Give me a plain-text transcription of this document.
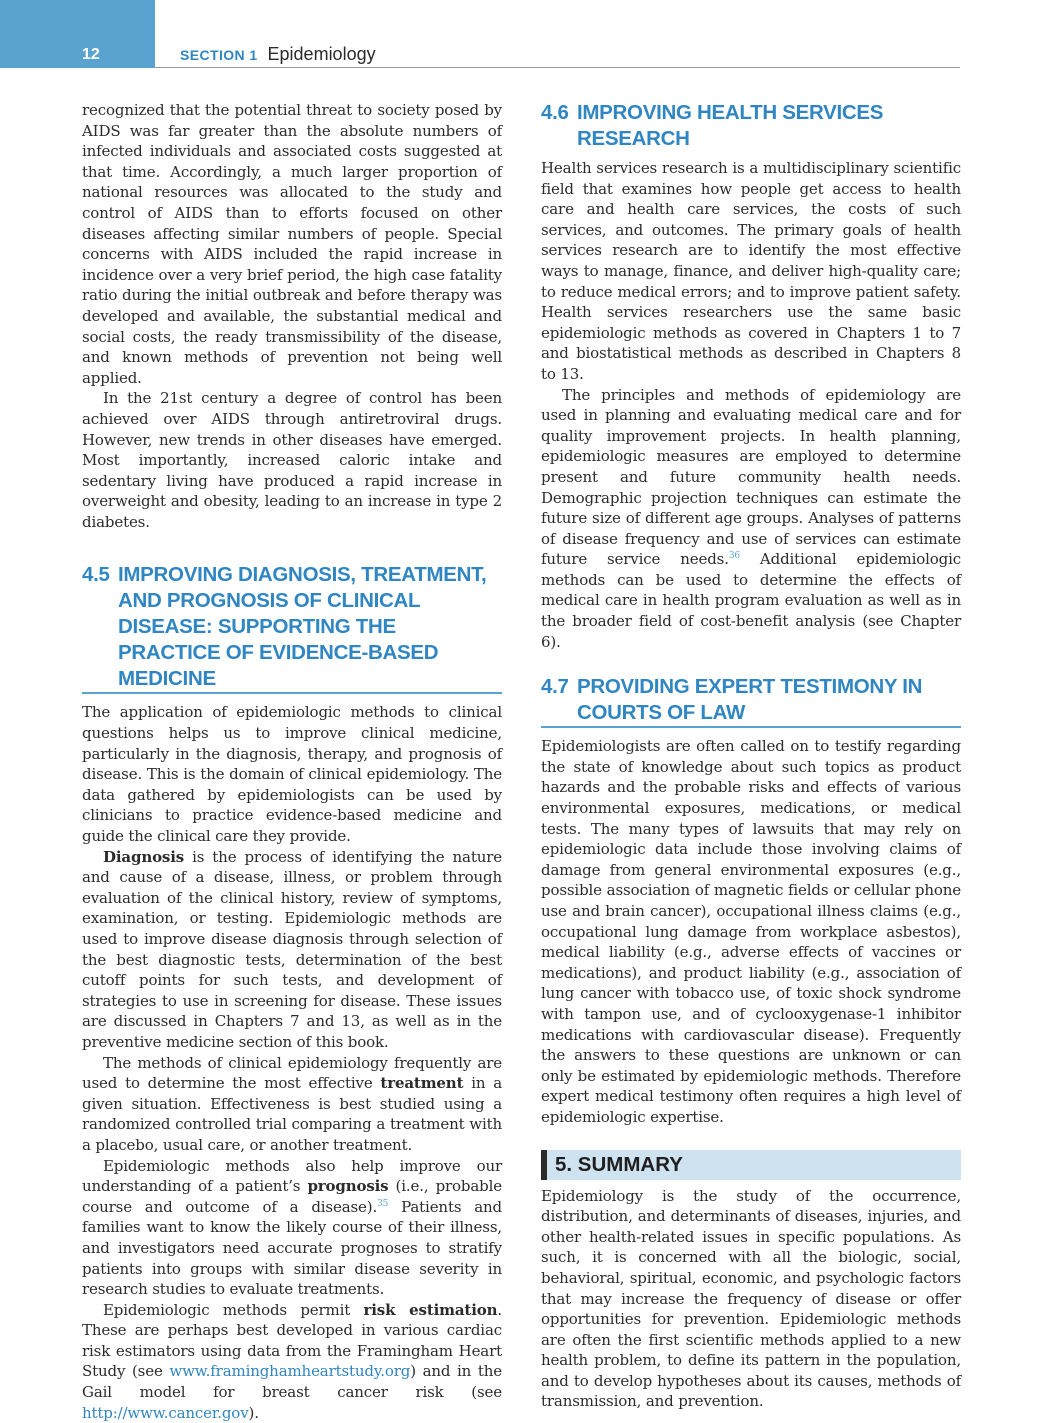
12	SECTION 1 Epidemiology

recognized that the potential threat to society posed by AIDS was far greater than the absolute numbers of infected individuals and associated costs suggested at that time. Accordingly, a much larger proportion of national resources was allocated to the study and control of AIDS than to efforts focused on other diseases affecting similar numbers of people. Special concerns with AIDS included the rapid increase in incidence over a very brief period, the high case fatality ratio during the initial outbreak and before therapy was developed and available, the substantial medical and social costs, the ready transmissibility of the disease, and known methods of prevention not being well applied.

In the 21st century a degree of control has been achieved over AIDS through antiretroviral drugs. However, new trends in other diseases have emerged. Most importantly, increased caloric intake and sedentary living have produced a rapid increase in overweight and obesity, leading to an increase in type 2 diabetes.

4.5 IMPROVING DIAGNOSIS, TREATMENT, AND PROGNOSIS OF CLINICAL DISEASE: SUPPORTING THE PRACTICE OF EVIDENCE-BASED MEDICINE

The application of epidemiologic methods to clinical questions helps us to improve clinical medicine, particularly in the diagnosis, therapy, and prognosis of disease. This is the domain of clinical epidemiology. The data gathered by epidemiologists can be used by clinicians to practice evidence-based medicine and guide the clinical care they provide.

Diagnosis is the process of identifying the nature and cause of a disease, illness, or problem through evaluation of the clinical history, review of symptoms, examination, or testing. Epidemiologic methods are used to improve disease diagnosis through selection of the best diagnostic tests, determination of the best cutoff points for such tests, and development of strategies to use in screening for disease. These issues are discussed in Chapters 7 and 13, as well as in the preventive medicine section of this book.

The methods of clinical epidemiology frequently are used to determine the most effective treatment in a given situation. Effectiveness is best studied using a randomized controlled trial comparing a treatment with a placebo, usual care, or another treatment.

Epidemiologic methods also help improve our understanding of a patient’s prognosis (i.e., probable course and outcome of a disease).$^{35}$ Patients and families want to know the likely course of their illness, and investigators need accurate prognoses to stratify patients into groups with similar disease severity in research studies to evaluate treatments.

Epidemiologic methods permit risk estimation. These are perhaps best developed in various cardiac risk estimators using data from the Framingham Heart Study (see www.framinghamheartstudy.org) and in the Gail model for breast cancer risk (see http://www.cancer.gov).

4.6 IMPROVING HEALTH SERVICES RESEARCH

Health services research is a multidisciplinary scientific field that examines how people get access to health care and health care services, the costs of such services, and outcomes. The primary goals of health services research are to identify the most effective ways to manage, finance, and deliver high-quality care; to reduce medical errors; and to improve patient safety. Health services researchers use the same basic epidemiologic methods as covered in Chapters 1 to 7 and biostatistical methods as described in Chapters 8 to 13.

The principles and methods of epidemiology are used in planning and evaluating medical care and for quality improvement projects. In health planning, epidemiologic measures are employed to determine present and future community health needs. Demographic projection techniques can estimate the future size of different age groups. Analyses of patterns of disease frequency and use of services can estimate future service needs.$^{36}$ Additional epidemiologic methods can be used to determine the effects of medical care in health program evaluation as well as in the broader field of cost-benefit analysis (see Chapter 6).

4.7 PROVIDING EXPERT TESTIMONY IN COURTS OF LAW

Epidemiologists are often called on to testify regarding the state of knowledge about such topics as product hazards and the probable risks and effects of various environmental exposures, medications, or medical tests. The many types of lawsuits that may rely on epidemiologic data include those involving claims of damage from general environmental exposures (e.g., possible association of magnetic fields or cellular phone use and brain cancer), occupational illness claims (e.g., occupational lung damage from workplace asbestos), medical liability (e.g., adverse effects of vaccines or medications), and product liability (e.g., association of lung cancer with tobacco use, of toxic shock syndrome with tampon use, and of cyclooxygenase-1 inhibitor medications with cardiovascular disease). Frequently the answers to these questions are unknown or can only be estimated by epidemiologic methods. Therefore expert medical testimony often requires a high level of epidemiologic expertise.

5. SUMMARY

Epidemiology is the study of the occurrence, distribution, and determinants of diseases, injuries, and other health-related issues in specific populations. As such, it is concerned with all the biologic, social, behavioral, spiritual, economic, and psychologic factors that may increase the frequency of disease or offer opportunities for prevention. Epidemiologic methods are often the first scientific methods applied to a new health problem, to define its pattern in the population, and to develop hypotheses about its causes, methods of transmission, and prevention.
